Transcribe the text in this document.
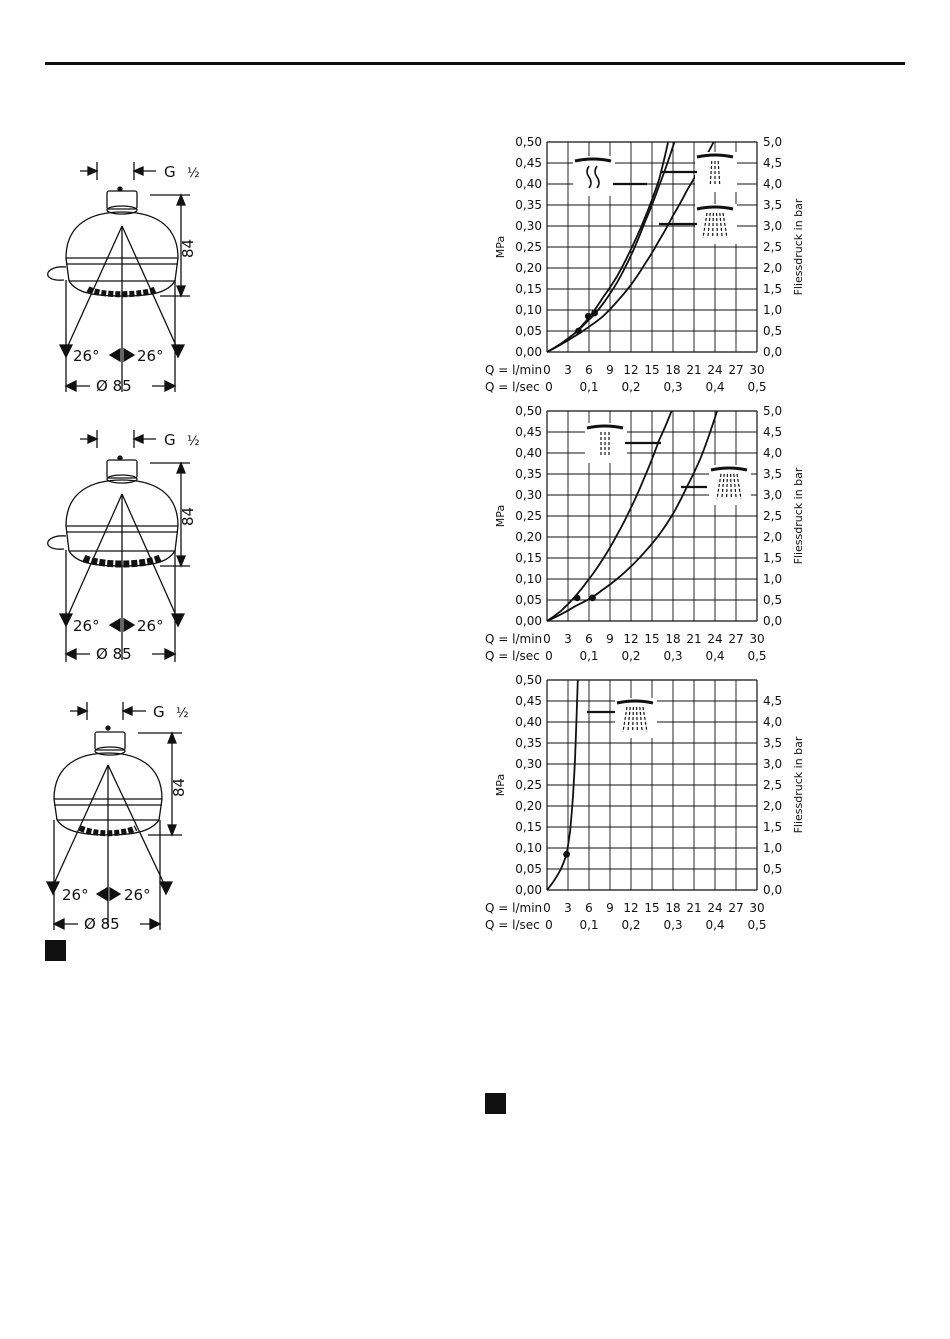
G ½
84
26° 26°
Ø 85
G ½
84
26° 26°
Ø 85
G ½
84
26° 26°
Ø 85
0,00
0,05
0,10
0,15
0,20
0,25
0,30
0,35
0,40
0,45
0,50
0,0
0,5
1,0
1,5
2,0
2,5
3,0
3,5
4,0
4,5
5,0
MPa	Fliessdruck in bar
Q = l/min 0 3 6 9 12 15 18 21 24 27 30
Q = l/sec 0 0,1 0,2 0,3 0,4 0,5
0,00
0,05
0,10
0,15
0,20
0,25
0,30
0,35
0,40
0,45
0,50
0,0
0,5
1,0
1,5
2,0
2,5
3,0
3,5
4,0
4,5
5,0
MPa	Fliessdruck in bar
Q = l/min 0 3 6 9 12 15 18 21 24 27 30
Q = l/sec 0 0,1 0,2 0,3 0,4 0,5
0,00
0,05
0,10
0,15
0,20
0,25
0,30
0,35
0,40
0,45
0,50
0,0
0,5
1,0
1,5
2,0
2,5
3,0
3,5
4,0
4,5
MPa	Fliessdruck in bar
Q = l/min 0 3 6 9 12 15 18 21 24 27 30
Q = l/sec 0 0,1 0,2 0,3 0,4 0,5
